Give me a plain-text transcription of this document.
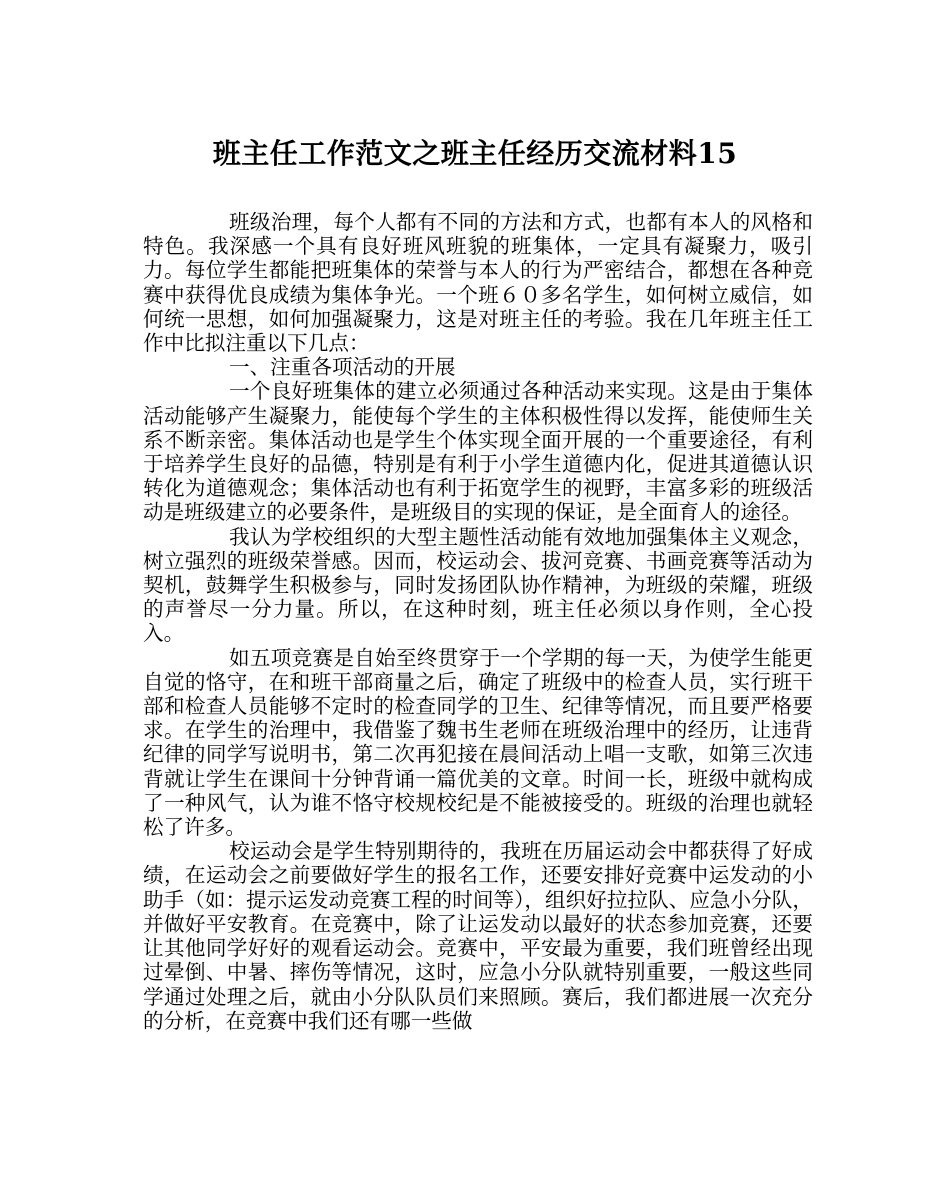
班主任工作范文之班主任经历交流材料15

班级治理，每个人都有不同的方法和方式，也都有本人的风格和特色。我深感一个具有良好班风班貌的班集体，一定具有凝聚力，吸引力。每位学生都能把班集体的荣誉与本人的行为严密结合，都想在各种竞赛中获得优良成绩为集体争光。一个班６０多名学生，如何树立威信，如何统一思想，如何加强凝聚力，这是对班主任的考验。我在几年班主任工作中比拟注重以下几点：

一、注重各项活动的开展

一个良好班集体的建立必须通过各种活动来实现。这是由于集体活动能够产生凝聚力，能使每个学生的主体积极性得以发挥，能使师生关系不断亲密。集体活动也是学生个体实现全面开展的一个重要途径，有利于培养学生良好的品德，特别是有利于小学生道德内化，促进其道德认识转化为道德观念；集体活动也有利于拓宽学生的视野，丰富多彩的班级活动是班级建立的必要条件，是班级目的实现的保证，是全面育人的途径。

我认为学校组织的大型主题性活动能有效地加强集体主义观念，树立强烈的班级荣誉感。因而，校运动会、拔河竞赛、书画竞赛等活动为契机，鼓舞学生积极参与，同时发扬团队协作精神，为班级的荣耀，班级的声誉尽一分力量。所以，在这种时刻，班主任必须以身作则，全心投入。

如五项竞赛是自始至终贯穿于一个学期的每一天，为使学生能更自觉的恪守，在和班干部商量之后，确定了班级中的检查人员，实行班干部和检查人员能够不定时的检查同学的卫生、纪律等情况，而且要严格要求。在学生的治理中，我借鉴了魏书生老师在班级治理中的经历，让违背纪律的同学写说明书，第二次再犯接在晨间活动上唱一支歌，如第三次违背就让学生在课间十分钟背诵一篇优美的文章。时间一长，班级中就构成了一种风气，认为谁不恪守校规校纪是不能被接受的。班级的治理也就轻松了许多。

校运动会是学生特别期待的，我班在历届运动会中都获得了好成绩，在运动会之前要做好学生的报名工作，还要安排好竞赛中运发动的小助手（如：提示运发动竞赛工程的时间等），组织好拉拉队、应急小分队，并做好平安教育。在竞赛中，除了让运发动以最好的状态参加竞赛，还要让其他同学好好的观看运动会。竞赛中，平安最为重要，我们班曾经出现过晕倒、中暑、摔伤等情况，这时，应急小分队就特别重要，一般这些同学通过处理之后，就由小分队队员们来照顾。赛后，我们都进展一次充分的分析，在竞赛中我们还有哪一些做
